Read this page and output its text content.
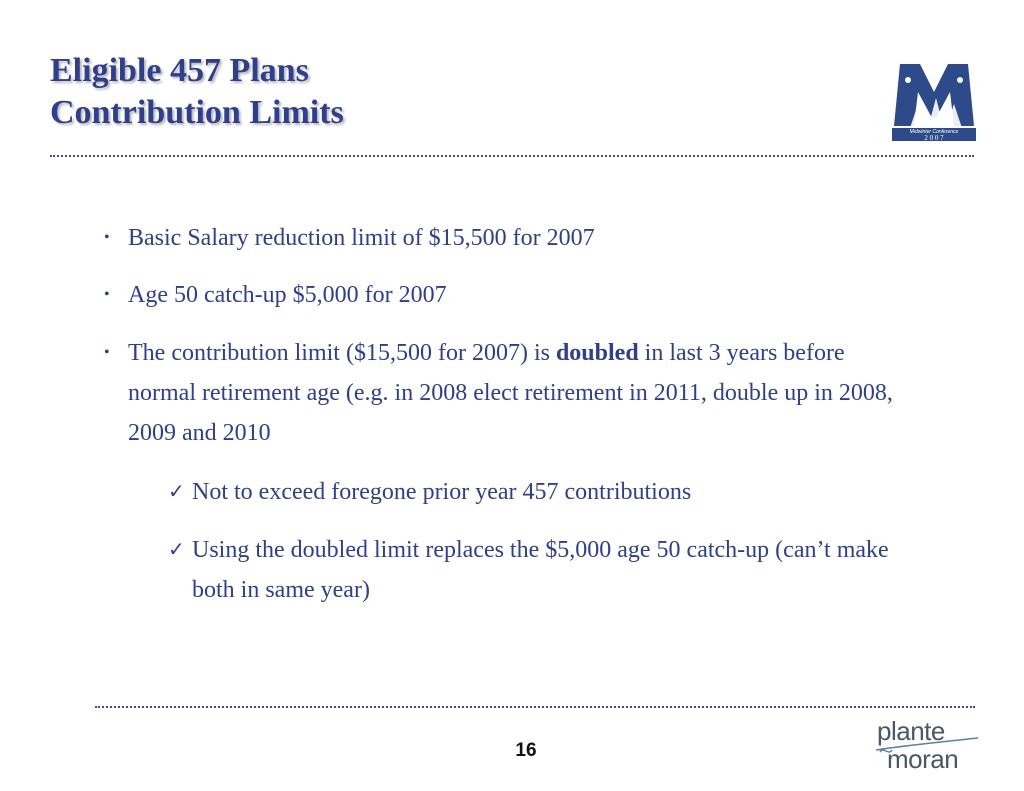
Eligible 457 Plans
Contribution Limits
Midwinter Conference
2 0 0 7
• Basic Salary reduction limit of $15,500 for 2007
• Age 50 catch-up $5,000 for 2007
• The contribution limit ($15,500 for 2007) is doubled in last 3 years before normal retirement age (e.g. in 2008 elect retirement in 2011, double up in 2008, 2009 and 2010
✓ Not to exceed foregone prior year 457 contributions
✓ Using the doubled limit replaces the $5,000 age 50 catch-up (can’t make both in same year)
16
plante
moran
